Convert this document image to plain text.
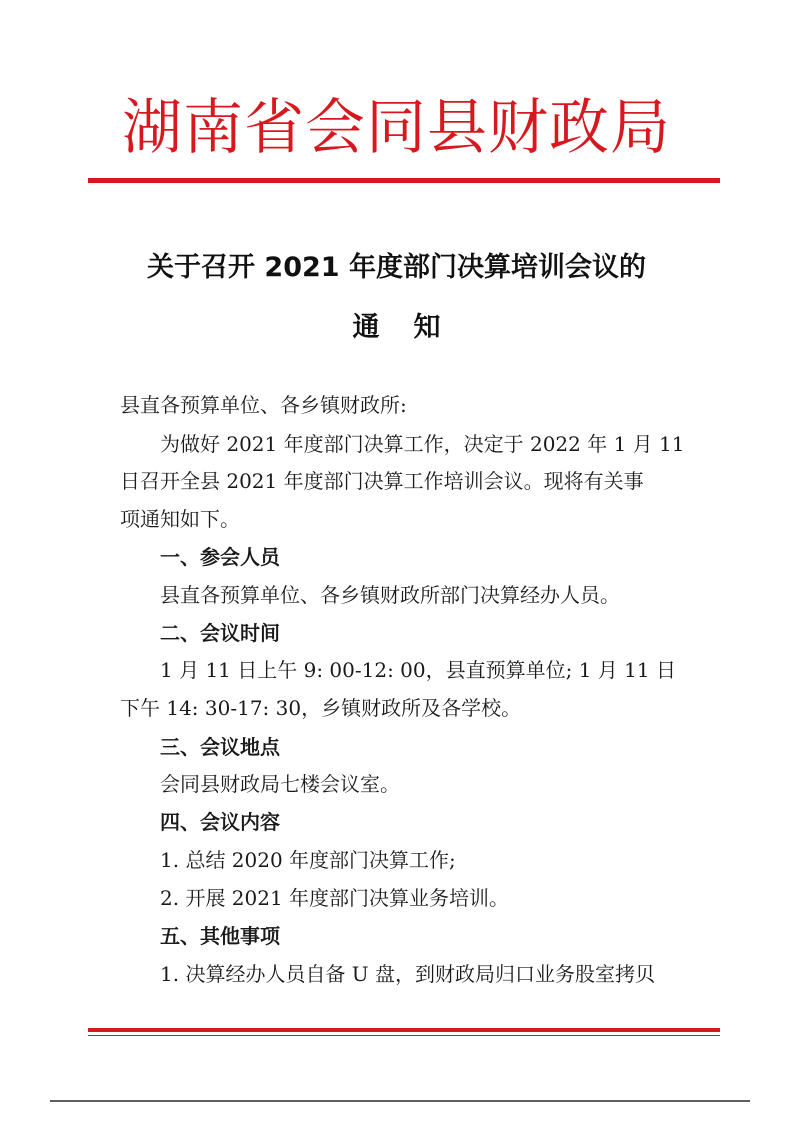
湖南省会同县财政局
关于召开 2021 年度部门决算培训会议的
通 知
县直各预算单位、各乡镇财政所:
为做好 2021 年度部门决算工作，决定于 2022 年 1 月 11
日召开全县 2021 年度部门决算工作培训会议。现将有关事
项通知如下。
一、参会人员
县直各预算单位、各乡镇财政所部门决算经办人员。
二、会议时间
1 月 11 日上午 9: 00-12: 00，县直预算单位; 1 月 11 日
下午 14: 30-17: 30，乡镇财政所及各学校。
三、会议地点
会同县财政局七楼会议室。
四、会议内容
1. 总结 2020 年度部门决算工作;
2. 开展 2021 年度部门决算业务培训。
五、其他事项
1. 决算经办人员自备 U 盘，到财政局归口业务股室拷贝
